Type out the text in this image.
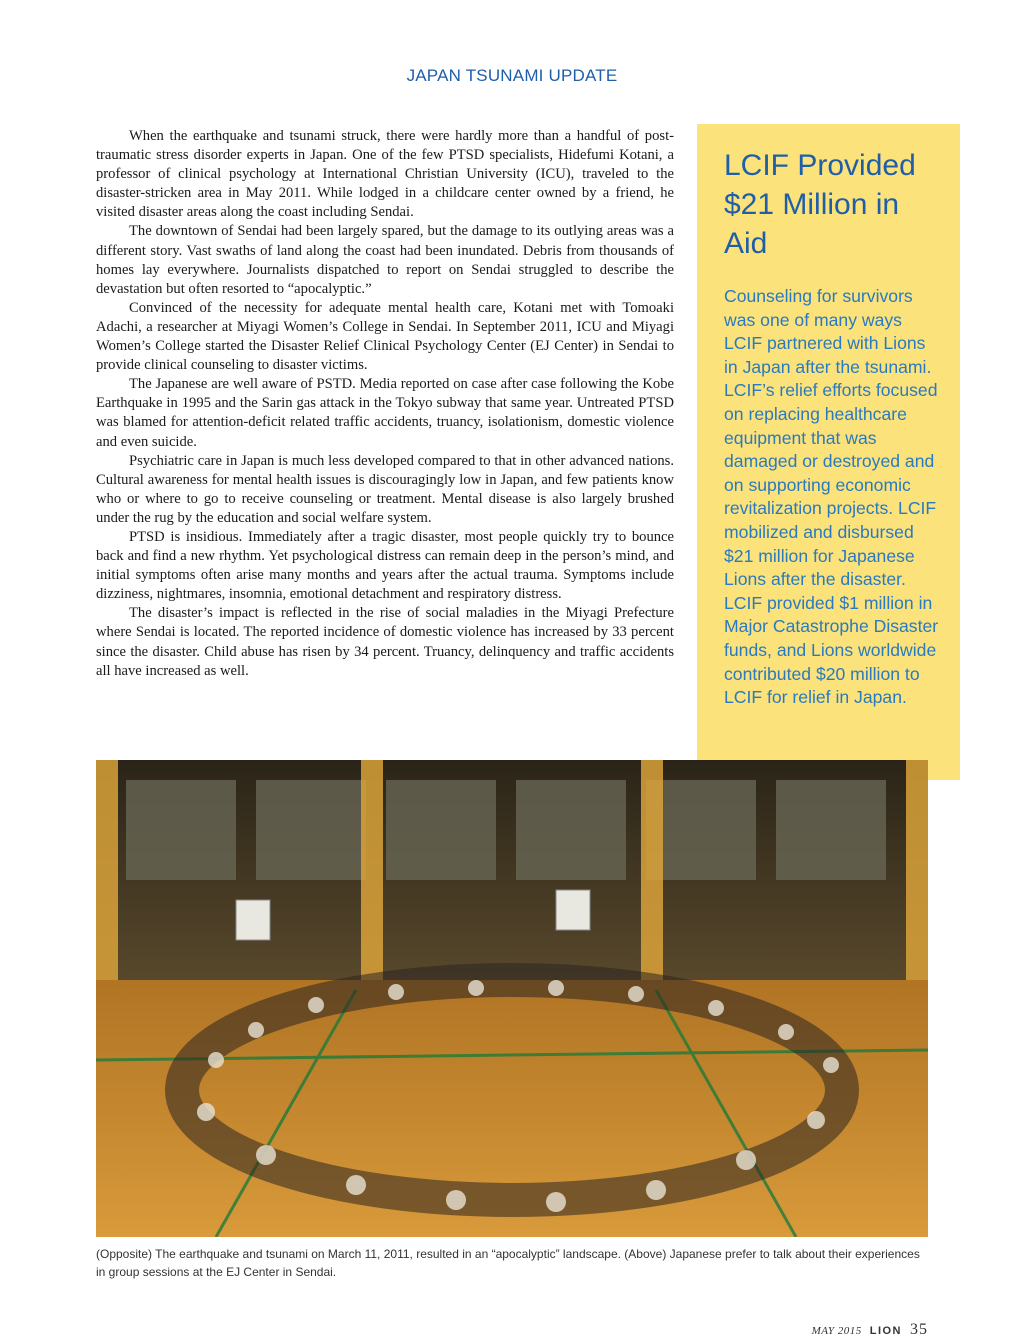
JAPAN TSUNAMI UPDATE

When the earthquake and tsunami struck, there were hardly more than a handful of post-traumatic stress disorder experts in Japan. One of the few PTSD specialists, Hidefumi Kotani, a professor of clinical psychology at International Christian University (ICU), traveled to the disaster-stricken area in May 2011. While lodged in a childcare center owned by a friend, he visited disaster areas along the coast including Sendai.

The downtown of Sendai had been largely spared, but the damage to its outlying areas was a different story. Vast swaths of land along the coast had been inundated. Debris from thousands of homes lay everywhere. Journalists dispatched to report on Sendai struggled to describe the devastation but often resorted to “apocalyptic.”

Convinced of the necessity for adequate mental health care, Kotani met with Tomoaki Adachi, a researcher at Miyagi Women’s College in Sendai. In September 2011, ICU and Miyagi Women’s College started the Disaster Relief Clinical Psychology Center (EJ Center) in Sendai to provide clinical counseling to disaster victims.

The Japanese are well aware of PSTD. Media reported on case after case following the Kobe Earthquake in 1995 and the Sarin gas attack in the Tokyo subway that same year. Untreated PTSD was blamed for attention-deficit related traffic accidents, truancy, isolationism, domestic violence and even suicide.

Psychiatric care in Japan is much less developed compared to that in other advanced nations. Cultural awareness for mental health issues is discouragingly low in Japan, and few patients know who or where to go to receive counseling or treatment. Mental disease is also largely brushed under the rug by the education and social welfare system.

PTSD is insidious. Immediately after a tragic disaster, most people quickly try to bounce back and find a new rhythm. Yet psychological distress can remain deep in the person’s mind, and initial symptoms often arise many months and years after the actual trauma. Symptoms include dizziness, nightmares, insomnia, emotional detachment and respiratory distress.

The disaster’s impact is reflected in the rise of social maladies in the Miyagi Prefecture where Sendai is located. The reported incidence of domestic violence has increased by 33 percent since the disaster. Child abuse has risen by 34 percent. Truancy, delinquency and traffic accidents all have increased as well.

LCIF Provided $21 Million in Aid
Counseling for survivors was one of many ways LCIF partnered with Lions in Japan after the tsunami. LCIF’s relief efforts focused on replacing healthcare equipment that was damaged or destroyed and on supporting economic revitalization projects. LCIF mobilized and disbursed $21 million for Japanese Lions after the disaster. LCIF provided $1 million in Major Catastrophe Disaster funds, and Lions worldwide contributed $20 million to LCIF for relief in Japan.
(Opposite) The earthquake and tsunami on March 11, 2011, resulted in an “apocalyptic” landscape. (Above) Japanese prefer to talk about their experiences in group sessions at the EJ Center in Sendai.
MAY 2015 LION 35
